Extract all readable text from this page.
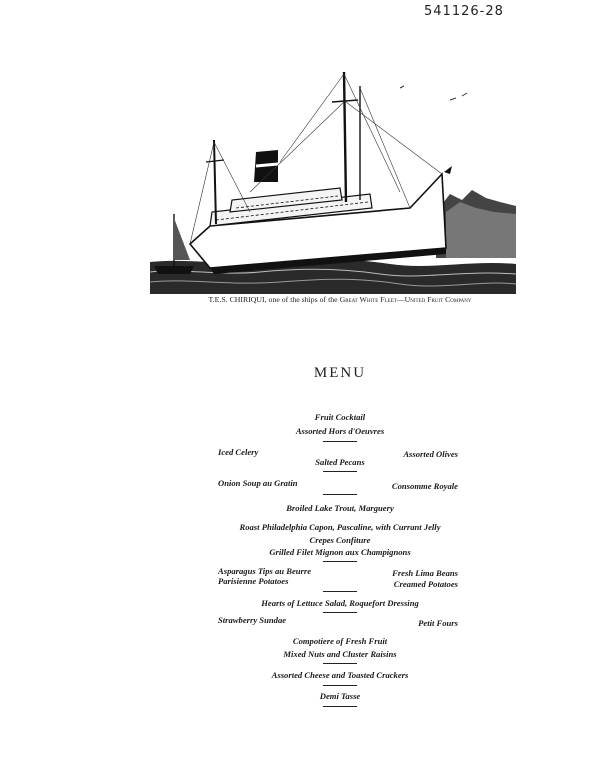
541126-28
T.E.S. CHIRIQUI, one of the ships of the Great White Fleet—United Fruit Company
MENU
Fruit Cocktail
Assorted Hors d'Oeuvres
Iced Celery	Assorted Olives
Salted Pecans
Onion Soup au Gratin	Consomme Royale
Broiled Lake Trout, Marguery
Roast Philadelphia Capon, Pascaline, with Currant Jelly
Crepes Confiture
Grilled Filet Mignon aux Champignons
Asparagus Tips au Beurre	Fresh Lima Beans
Parisienne Potatoes	Creamed Potatoes
Hearts of Lettuce Salad, Roquefort Dressing
Strawberry Sundae	Petit Fours
Compotiere of Fresh Fruit
Mixed Nuts and Cluster Raisins
Assorted Cheese and Toasted Crackers
Demi Tasse
